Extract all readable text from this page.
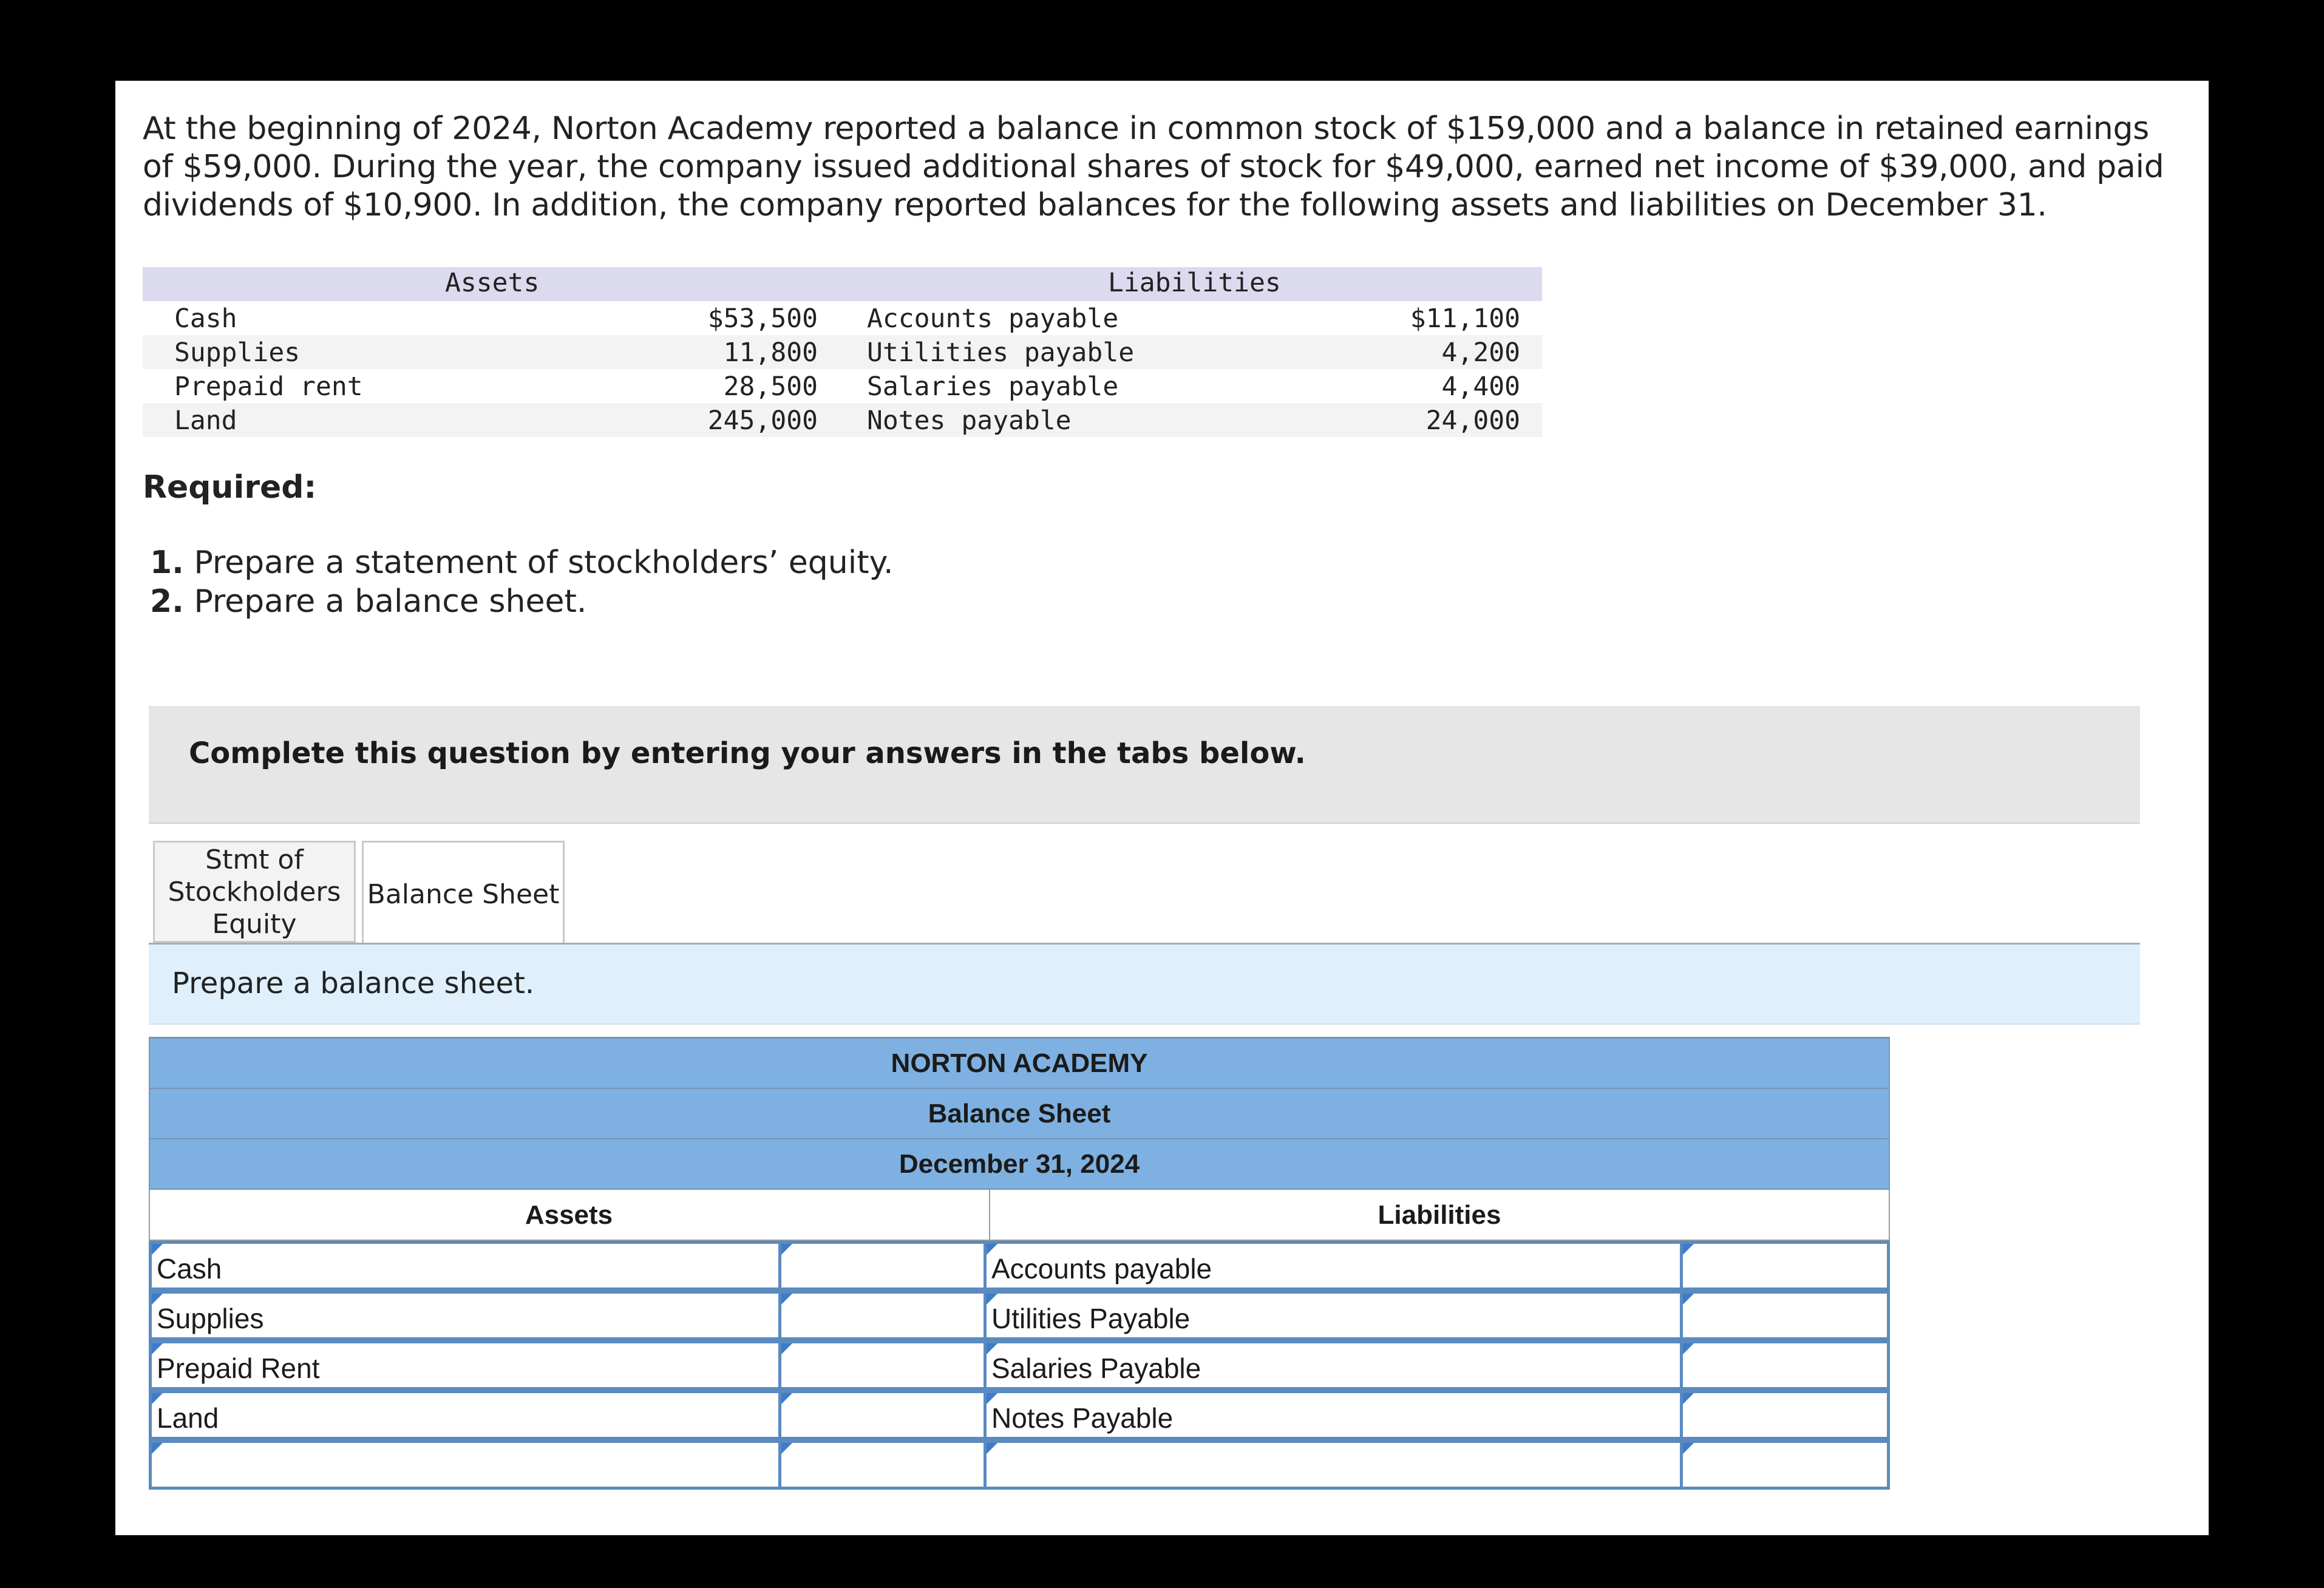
At the beginning of 2024, Norton Academy reported a balance in common stock of $159,000 and a balance in retained earnings of $59,000. During the year, the company issued additional shares of stock for $49,000, earned net income of $39,000, and paid dividends of $10,900. In addition, the company reported balances for the following assets and liabilities on December 31.

Assets	Liabilities
Cash	$53,500 Accounts payable	$11,100
Supplies	11,800 Utilities payable	4,200
Prepaid rent	28,500 Salaries payable	4,400
Land	245,000 Notes payable	24,000
Required:
1. Prepare a statement of stockholders’ equity.
2. Prepare a balance sheet.
Complete this question by entering your answers in the tabs below.
Stmt of
Stockholders
Equity
Balance Sheet
Prepare a balance sheet.
NORTON ACADEMY
Balance Sheet
December 31, 2024
Assets	Liabilities
Cash	Accounts payable
Supplies	Utilities Payable
Prepaid Rent	Salaries Payable
Land	Notes Payable
